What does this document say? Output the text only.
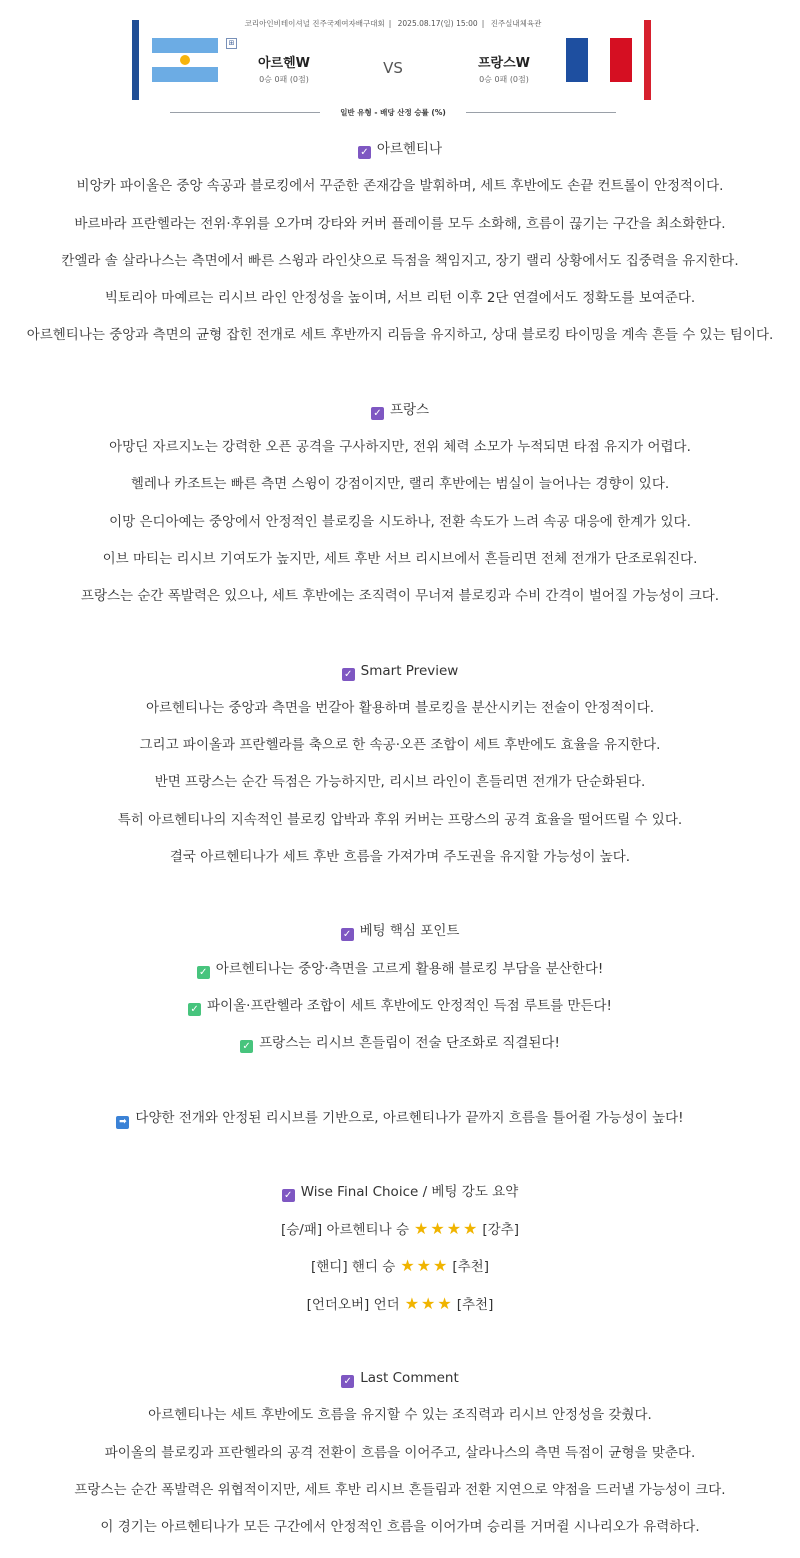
코리아인비테이셔널 진주국제여자배구대회 | 2025.08.17(일) 15:00 | 진주실내체육관
⊞
아르헨W
0승 0패 (0점)
VS	프랑스W
0승 0패 (0점)
일반 유형 - 배당 산정 승률 (%)
✓ 아르헨티나
비앙카 파이올은 중앙 속공과 블로킹에서 꾸준한 존재감을 발휘하며, 세트 후반에도 손끝 컨트롤이 안정적이다.
바르바라 프란헬라는 전위·후위를 오가며 강타와 커버 플레이를 모두 소화해, 흐름이 끊기는 구간을 최소화한다.
칸엘라 솔 살라나스는 측면에서 빠른 스윙과 라인샷으로 득점을 책임지고, 장기 랠리 상황에서도 집중력을 유지한다.
빅토리아 마예르는 리시브 라인 안정성을 높이며, 서브 리턴 이후 2단 연결에서도 정확도를 보여준다.
아르헨티나는 중앙과 측면의 균형 잡힌 전개로 세트 후반까지 리듬을 유지하고, 상대 블로킹 타이밍을 계속 흔들 수 있는 팀이다.
✓ 프랑스
아망딘 자르지노는 강력한 오픈 공격을 구사하지만, 전위 체력 소모가 누적되면 타점 유지가 어렵다.
헬레나 카조트는 빠른 측면 스윙이 강점이지만, 랠리 후반에는 범실이 늘어나는 경향이 있다.
이망 은디아예는 중앙에서 안정적인 블로킹을 시도하나, 전환 속도가 느려 속공 대응에 한계가 있다.
이브 마티는 리시브 기여도가 높지만, 세트 후반 서브 리시브에서 흔들리면 전체 전개가 단조로워진다.
프랑스는 순간 폭발력은 있으나, 세트 후반에는 조직력이 무너져 블로킹과 수비 간격이 벌어질 가능성이 크다.
✓ Smart Preview
아르헨티나는 중앙과 측면을 번갈아 활용하며 블로킹을 분산시키는 전술이 안정적이다.
그리고 파이올과 프란헬라를 축으로 한 속공·오픈 조합이 세트 후반에도 효율을 유지한다.
반면 프랑스는 순간 득점은 가능하지만, 리시브 라인이 흔들리면 전개가 단순화된다.
특히 아르헨티나의 지속적인 블로킹 압박과 후위 커버는 프랑스의 공격 효율을 떨어뜨릴 수 있다.
결국 아르헨티나가 세트 후반 흐름을 가져가며 주도권을 유지할 가능성이 높다.
✓ 베팅 핵심 포인트
✓ 아르헨티나는 중앙·측면을 고르게 활용해 블로킹 부담을 분산한다!
✓ 파이올·프란헬라 조합이 세트 후반에도 안정적인 득점 루트를 만든다!
✓ 프랑스는 리시브 흔들림이 전술 단조화로 직결된다!
➡ 다양한 전개와 안정된 리시브를 기반으로, 아르헨티나가 끝까지 흐름을 틀어쥘 가능성이 높다!
✓ Wise Final Choice / 베팅 강도 요약
[승/패] 아르헨티나 승 ★ ★ ★ ★ [강추]
[핸디] 핸디 승 ★ ★ ★ [추천]
[언더오버] 언더 ★ ★ ★ [추천]
✓ Last Comment
아르헨티나는 세트 후반에도 흐름을 유지할 수 있는 조직력과 리시브 안정성을 갖췄다.
파이올의 블로킹과 프란헬라의 공격 전환이 흐름을 이어주고, 살라나스의 측면 득점이 균형을 맞춘다.
프랑스는 순간 폭발력은 위협적이지만, 세트 후반 리시브 흔들림과 전환 지연으로 약점을 드러낼 가능성이 크다.
이 경기는 아르헨티나가 모든 구간에서 안정적인 흐름을 이어가며 승리를 거머쥘 시나리오가 유력하다.
